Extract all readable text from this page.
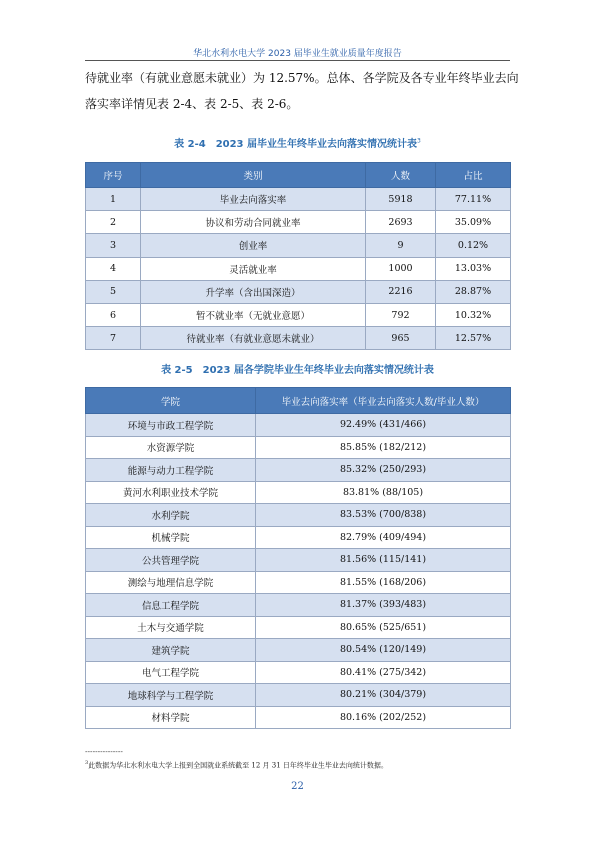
华北水利水电大学 2023 届毕业生就业质量年度报告
待就业率（有就业意愿未就业）为 12.57%。总体、各学院及各专业年终毕业去向
落实率详情见表 2-4、表 2-5、表 2-6。
表 2-4　2023 届毕业生年终毕业去向落实情况统计表$^3$
序号	类别	人数	占比
1	毕业去向落实率	5918	77.11%
2	协议和劳动合同就业率	2693	35.09%
3	创业率	9	0.12%
4	灵活就业率	1000	13.03%
5	升学率（含出国深造）	2216	28.87%
6	暂不就业率（无就业意愿）	792	10.32%
7	待就业率（有就业意愿未就业）	965	12.57%
表 2-5　2023 届各学院毕业生年终毕业去向落实情况统计表
学院	毕业去向落实率（毕业去向落实人数/毕业人数）
环境与市政工程学院	92.49% (431/466)
水资源学院	85.85% (182/212)
能源与动力工程学院	85.32% (250/293)
黄河水利职业技术学院	83.81% (88/105)
水利学院	83.53% (700/838)
机械学院	82.79% (409/494)
公共管理学院	81.56% (115/141)
测绘与地理信息学院	81.55% (168/206)
信息工程学院	81.37% (393/483)
土木与交通学院	80.65% (525/651)
建筑学院	80.54% (120/149)
电气工程学院	80.41% (275/342)
地球科学与工程学院	80.21% (304/379)
材料学院	80.16% (202/252)
---------------
$^3$此数据为华北水利水电大学上报到全国就业系统截至 12 月 31 日年终毕业生毕业去向统计数据。
22
